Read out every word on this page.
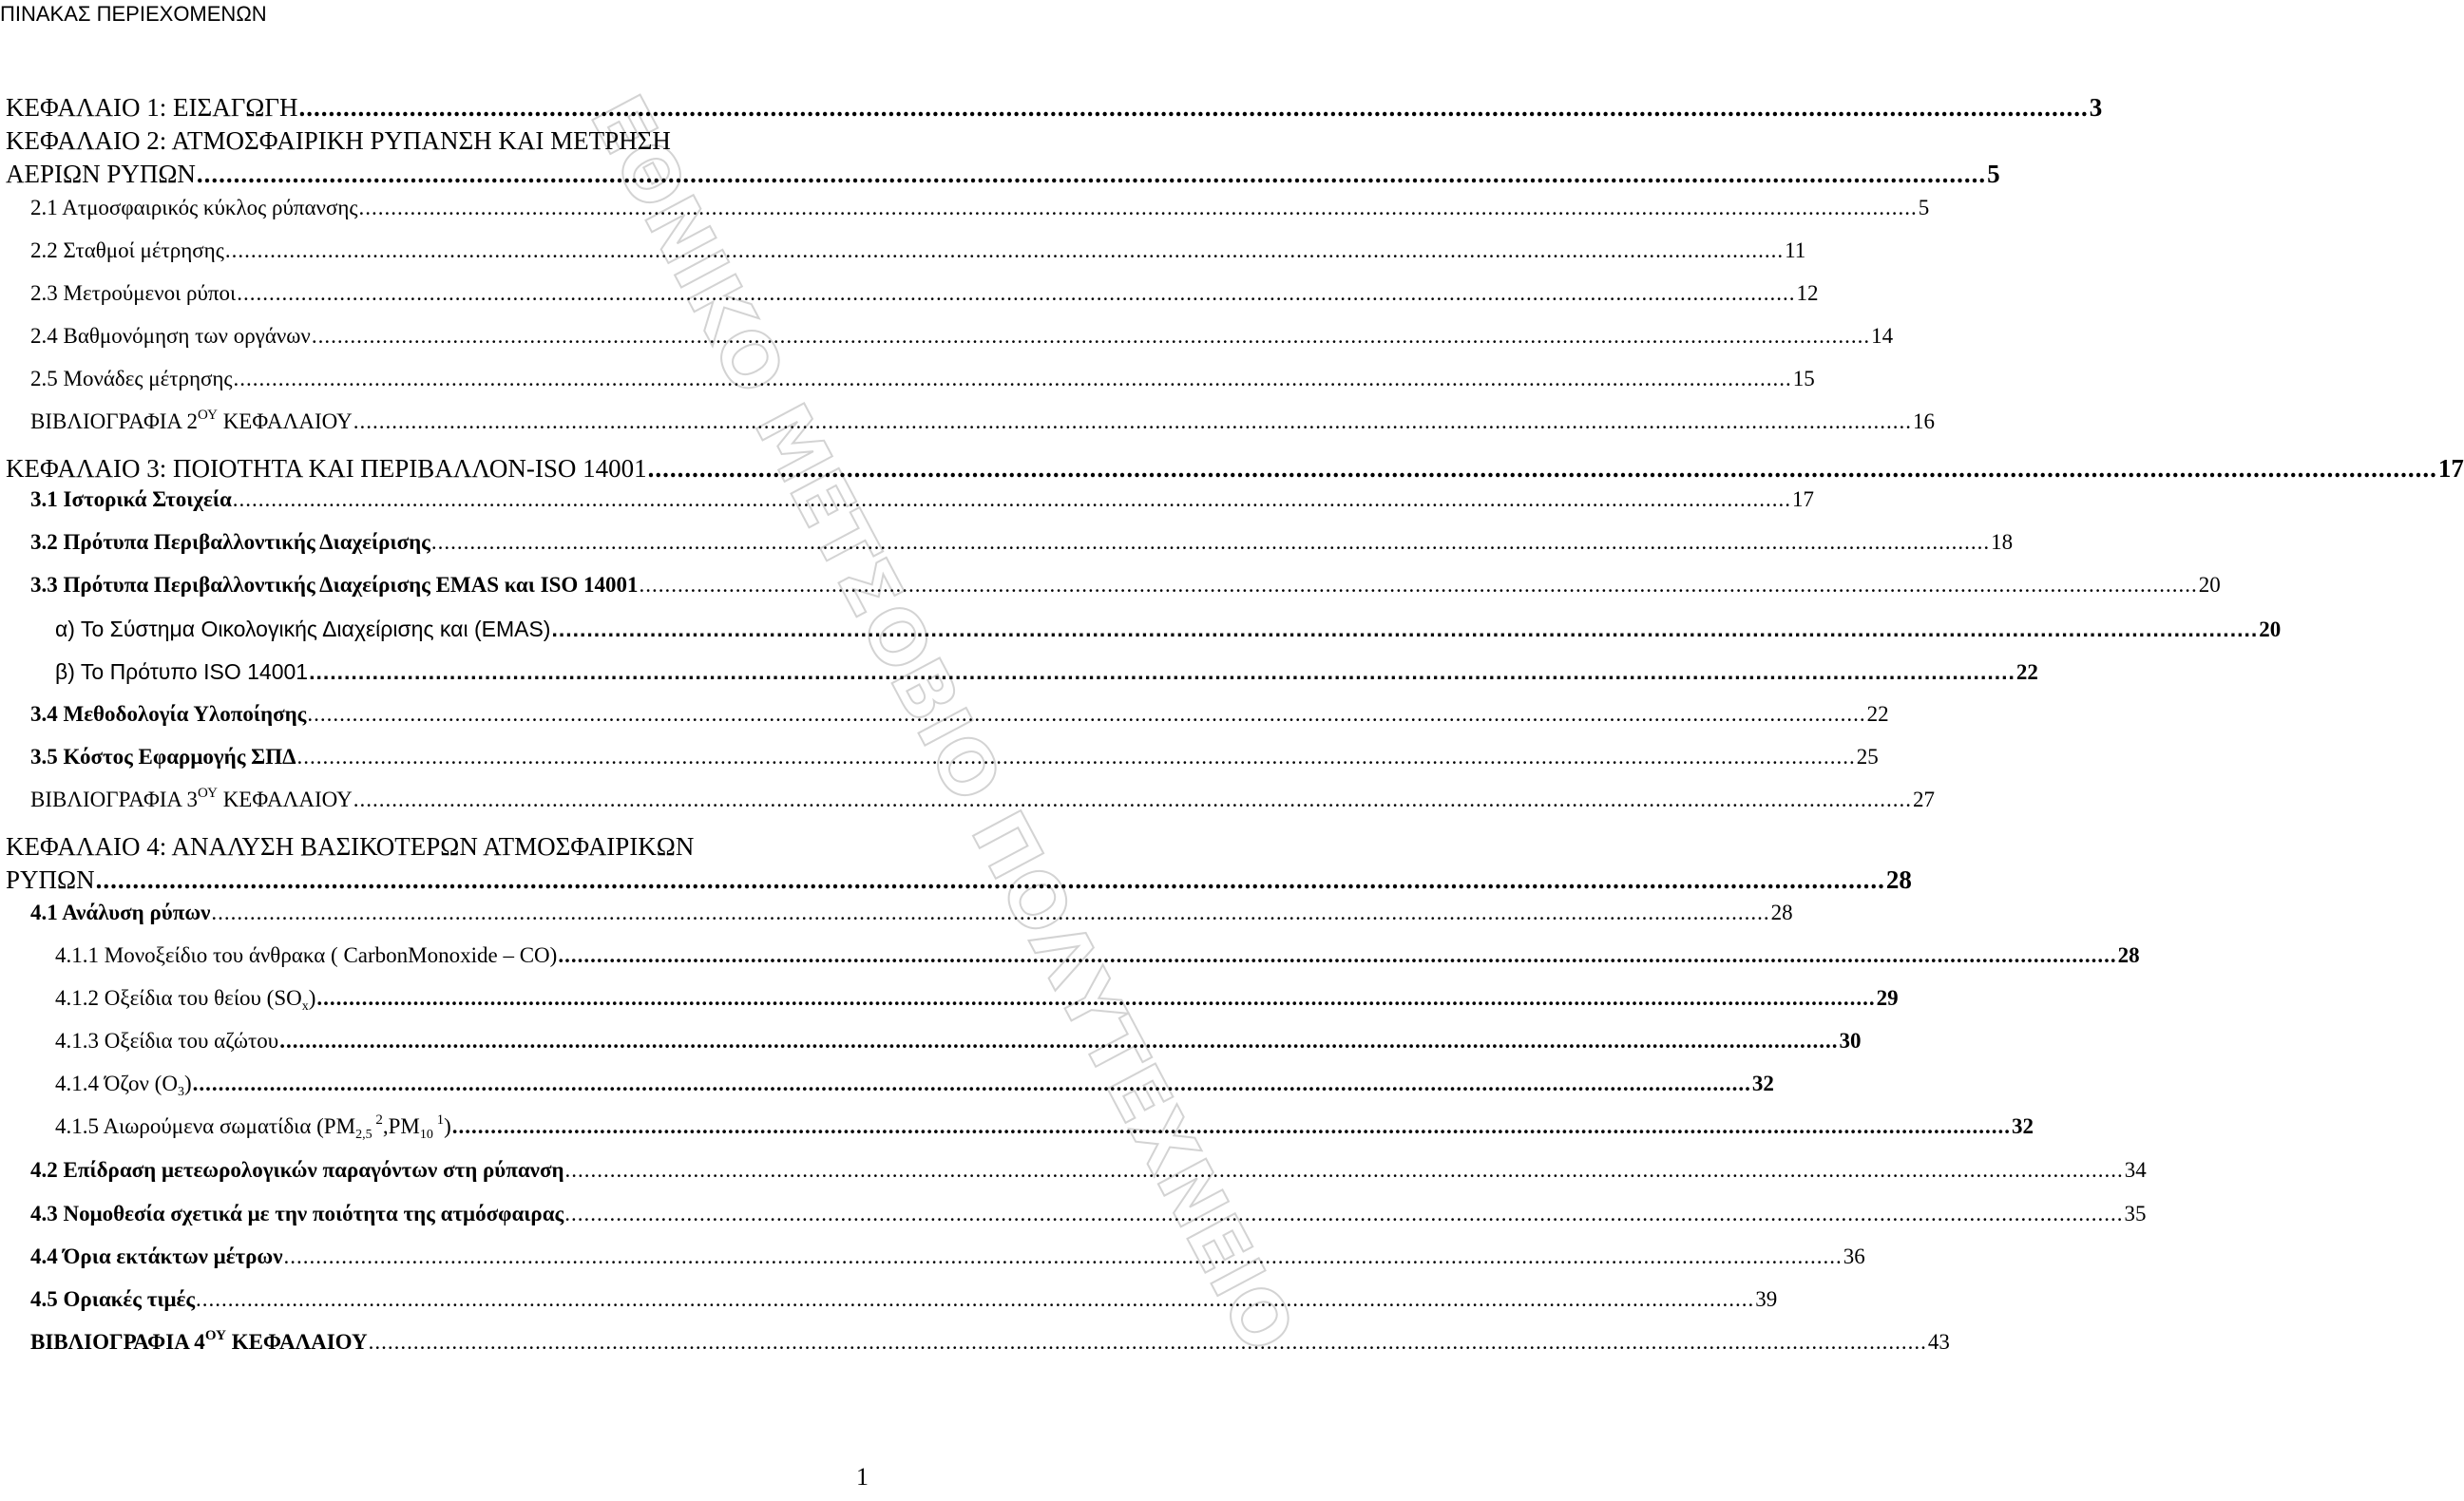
ΠΙΝΑΚΑΣ ΠΕΡΙΕΧΟΜΕΝΩΝ
ΕΘΝΙΚΟ ΜΕΤΣΟΒΙΟ ΠΟΛΥΤΕΧΝΕΙΟ
ΚΕΦΑΛΑΙΟ 1: ΕΙΣΑΓΩΓΗ .....	3
ΚΕΦΑΛΑΙΟ 2: ΑΤΜΟΣΦΑΙΡΙΚΗ ΡΥΠΑΝΣΗ ΚΑΙ ΜΕΤΡΗΣΗ
ΑΕΡΙΩΝ ΡΥΠΩΝ .....	5
2.1 Ατμοσφαιρικός κύκλος ρύπανσης .....	5
2.2 Σταθμοί μέτρησης .....	11
2.3 Μετρούμενοι ρύποι .....	12
2.4 Βαθμονόμηση των οργάνων .....	14
2.5 Μονάδες μέτρησης .....	15
ΒΙΒΛΙΟΓΡΑΦΙΑ $2^{O\Upsilon}$ ΚΕΦΑΛΑΙΟΥ .....	16
ΚΕΦΑΛΑΙΟ 3: ΠΟΙΟΤΗΤΑ ΚΑΙ ΠΕΡΙΒΑΛΛΟΝ-ISO 14001 .....	17
3.1 Ιστορικά Στοιχεία .....	17
3.2 Πρότυπα Περιβαλλοντικής Διαχείρισης .....	18
3.3 Πρότυπα Περιβαλλοντικής Διαχείρισης EMAS και ISO 14001 .....	20
α) Το Σύστημα Οικολογικής Διαχείρισης και (EMAS) .....	20
β) Το Πρότυπο ISO 14001 .....	22
3.4 Μεθοδολογία Υλοποίησης .....	22
3.5 Κόστος Εφαρμογής ΣΠΔ .....	25
ΒΙΒΛΙΟΓΡΑΦΙΑ $3^{O\Upsilon}$ ΚΕΦΑΛΑΙΟΥ .....	27
ΚΕΦΑΛΑΙΟ 4: ΑΝΑΛΥΣΗ ΒΑΣΙΚΟΤΕΡΩΝ ΑΤΜΟΣΦΑΙΡΙΚΩΝ
ΡΥΠΩΝ .....	28
4.1 Ανάλυση ρύπων .....	28
4.1.1 Μονοξείδιο του άνθρακα ( CarbonMonoxide – CO) .....	28
4.1.2 Οξείδια του θείου $(SO_x)$ .....	29
4.1.3 Οξείδια του αζώτου .....	30
4.1.4 Όζον $(O_3)$ .....	32
4.1.5 Αιωρούμενα σωματίδια ($PM_{2,5}$ $^2,PM_{10}$ $^1$) .....	32
4.2 Επίδραση μετεωρολογικών παραγόντων στη ρύπανση .....	34
4.3 Νομοθεσία σχετικά με την ποιότητα της ατμόσφαιρας .....	35
4.4 Όρια εκτάκτων μέτρων .....	36
4.5 Οριακές τιμές .....	39
ΒΙΒΛΙΟΓΡΑΦΙΑ $4^{O\Upsilon}$ ΚΕΦΑΛΑΙΟΥ .....	43
1
